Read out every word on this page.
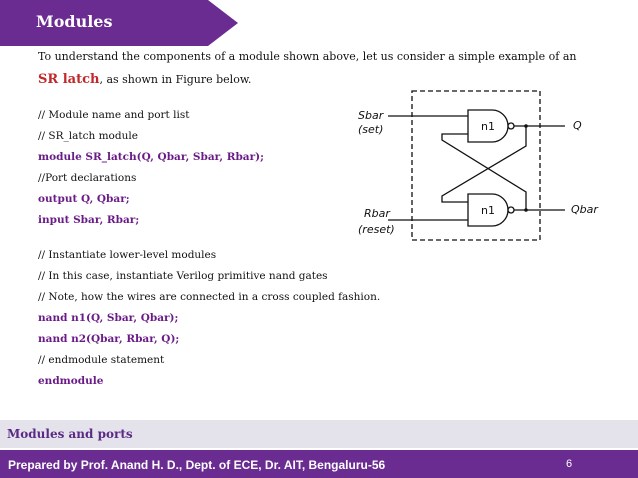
Modules
To understand the components of a module shown above, let us consider a simple example of an
SR latch, as shown in Figure below.
// Module name and port list
// SR_latch module
module SR_latch(Q, Qbar, Sbar, Rbar);
//Port declarations
output Q, Qbar;
input Sbar, Rbar;
// Instantiate lower-level modules
// In this case, instantiate Verilog primitive nand gates
// Note, how the wires are connected in a cross coupled fashion.
nand n1(Q, Sbar, Qbar);
nand n2(Qbar, Rbar, Q);
// endmodule statement
endmodule
Sbar
(set)
Rbar
(reset)
n1
n1
Q
Qbar
Modules and ports
Prepared by Prof. Anand H. D., Dept. of ECE, Dr. AIT, Bengaluru-56	6
